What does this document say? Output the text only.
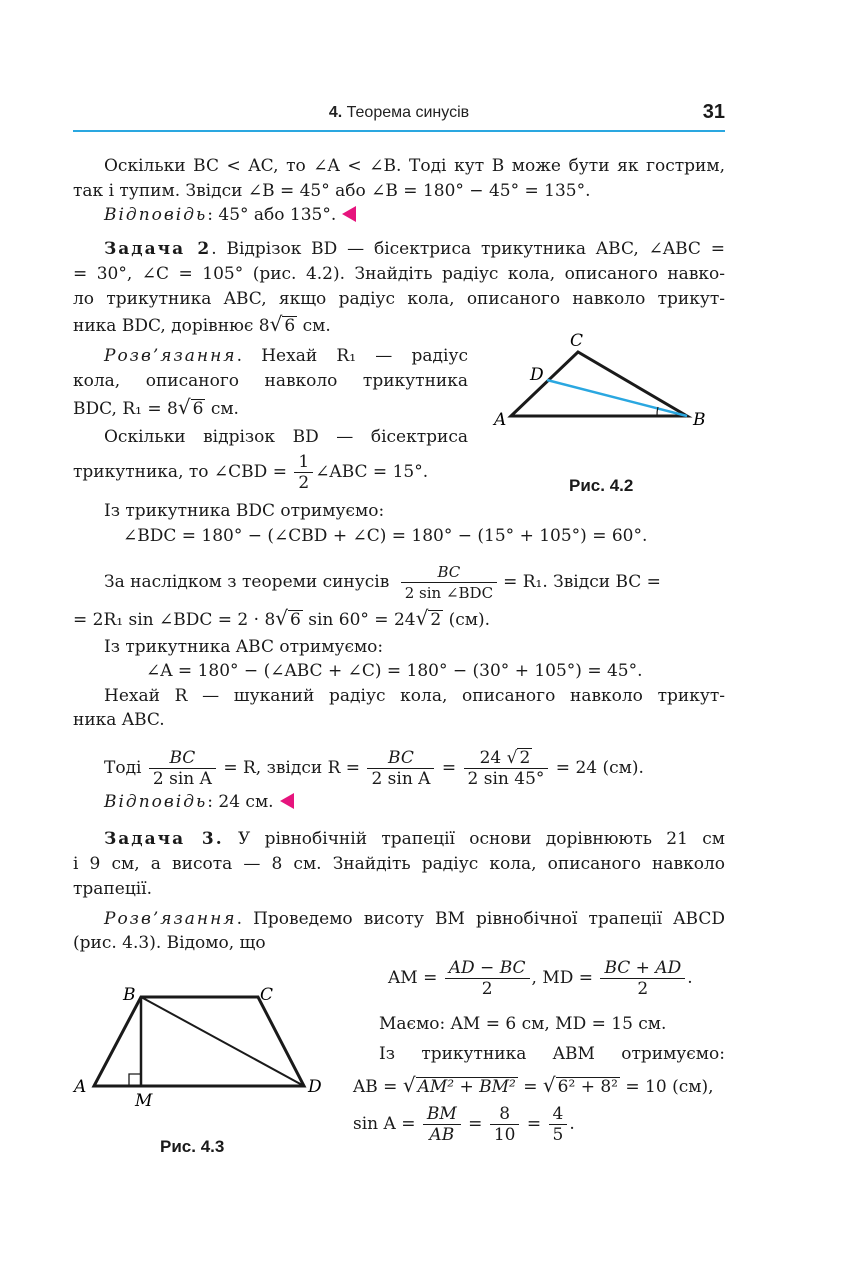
4. Теорема синусів	31
Оскільки BC < AC, то ∠A < ∠B. Тоді кут B може бути як гострим,
так і тупим. Звідси ∠B = 45° або ∠B = 180° − 45° = 135°.
Відповідь: 45° або 135°.
Задача 2. Відрізок BD — бісектриса трикутника ABC, ∠ABC =
= 30°, ∠C = 105° (рис. 4.2). Знайдіть радіус кола, описаного навко-
ло трикутника ABC, якщо радіус кола, описаного навколо трикут-
ника BDC, дорівнює 8√ 6 см.
Розв’язання. Нехай R₁ — радіус
кола, описаного навколо трикутника
BDC, R₁ = 8√ 6 см.
Оскільки відрізок BD — бісектриса
трикутника, то ∠CBD = $\frac{1}{2}$ ∠ABC = 15°.
C
D
A	B
Рис. 4.2
Із трикутника BDC отримуємо:
∠BDC = 180° − (∠CBD + ∠C) = 180° − (15° + 105°) = 60°.
За наслідком з теореми синусів $\frac{BC}{\text{2 sin ∠BDC}} = R_1$. Звідси BC =
= 2R₁ sin ∠BDC = 2 · 8√ 6 sin 60° = 24√ 2 (см).
Із трикутника ABC отримуємо:
∠A = 180° − (∠ABC + ∠C) = 180° − (30° + 105°) = 45°.
Нехай R — шуканий радіус кола, описаного навколо трикут-
ника ABC.
Тоді $\frac{BC}{\text{2 sin A}} = R$, звідси $R = \frac{BC}{\text{2 sin A}} = \frac{24 √ 2}{2 \sin 45^\circ} = 24$ (см).
Відповідь: 24 см.
Задача 3. У рівнобічній трапеції основи дорівнюють 21 см
і 9 см, а висота — 8 см. Знайдіть радіус кола, описаного навколо
трапеції.
Розв’язання. Проведемо висоту BM рівнобічної трапеції ABCD
(рис. 4.3). Відомо, що
AM = $\frac{AD - BC}{2}$ , MD = $\frac{BC + AD}{2}$ .
Маємо: AM = 6 см, MD = 15 см.
Із трикутника ABM отримуємо:
AB = √ AM² + BM² = √ 6² + 8² = 10 (см),
$\sin A = \frac{BM}{AB} = \frac{8}{10} = \frac{4}{5}$ .
B	C
A	D
M
Рис. 4.3
